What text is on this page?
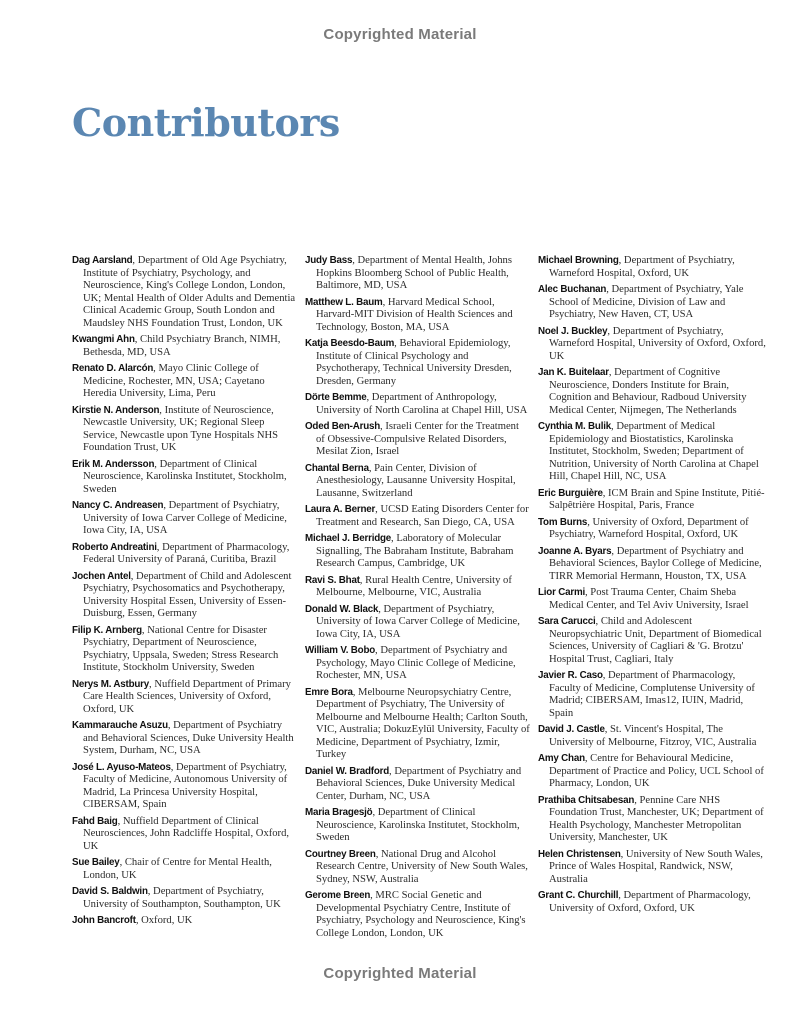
Copyrighted Material
Contributors

Dag Aarsland, Department of Old Age Psychiatry, Institute of Psychiatry, Psychology, and Neuroscience, King's College London, London, UK; Mental Health of Older Adults and Dementia Clinical Academic Group, South London and Maudsley NHS Foundation Trust, London, UK

Kwangmi Ahn, Child Psychiatry Branch, NIMH, Bethesda, MD, USA

Renato D. Alarcón, Mayo Clinic College of Medicine, Rochester, MN, USA; Cayetano Heredia University, Lima, Peru

Kirstie N. Anderson, Institute of Neuroscience, Newcastle University, UK; Regional Sleep Service, Newcastle upon Tyne Hospitals NHS Foundation Trust, UK

Erik M. Andersson, Department of Clinical Neuroscience, Karolinska Institutet, Stockholm, Sweden

Nancy C. Andreasen, Department of Psychiatry, University of Iowa Carver College of Medicine, Iowa City, IA, USA

Roberto Andreatini, Department of Pharmacology, Federal University of Paraná, Curitiba, Brazil

Jochen Antel, Department of Child and Adolescent Psychiatry, Psychosomatics and Psychotherapy, University Hospital Essen, University of Essen-Duisburg, Essen, Germany

Filip K. Arnberg, National Centre for Disaster Psychiatry, Department of Neuroscience, Psychiatry, Uppsala, Sweden; Stress Research Institute, Stockholm University, Sweden

Nerys M. Astbury, Nuffield Department of Primary Care Health Sciences, University of Oxford, Oxford, UK

Kammarauche Asuzu, Department of Psychiatry and Behavioral Sciences, Duke University Health System, Durham, NC, USA

José L. Ayuso-Mateos, Department of Psychiatry, Faculty of Medicine, Autonomous University of Madrid, La Princesa University Hospital, CIBERSAM, Spain

Fahd Baig, Nuffield Department of Clinical Neurosciences, John Radcliffe Hospital, Oxford, UK

Sue Bailey, Chair of Centre for Mental Health, London, UK

David S. Baldwin, Department of Psychiatry, University of Southampton, Southampton, UK

John Bancroft, Oxford, UK

Judy Bass, Department of Mental Health, Johns Hopkins Bloomberg School of Public Health, Baltimore, MD, USA

Matthew L. Baum, Harvard Medical School, Harvard-MIT Division of Health Sciences and Technology, Boston, MA, USA

Katja Beesdo-Baum, Behavioral Epidemiology, Institute of Clinical Psychology and Psychotherapy, Technical University Dresden, Dresden, Germany

Dörte Bemme, Department of Anthropology, University of North Carolina at Chapel Hill, USA

Oded Ben-Arush, Israeli Center for the Treatment of Obsessive-Compulsive Related Disorders, Mesilat Zion, Israel

Chantal Berna, Pain Center, Division of Anesthesiology, Lausanne University Hospital, Lausanne, Switzerland

Laura A. Berner, UCSD Eating Disorders Center for Treatment and Research, San Diego, CA, USA

Michael J. Berridge, Laboratory of Molecular Signalling, The Babraham Institute, Babraham Research Campus, Cambridge, UK

Ravi S. Bhat, Rural Health Centre, University of Melbourne, Melbourne, VIC, Australia

Donald W. Black, Department of Psychiatry, University of Iowa Carver College of Medicine, Iowa City, IA, USA

William V. Bobo, Department of Psychiatry and Psychology, Mayo Clinic College of Medicine, Rochester, MN, USA

Emre Bora, Melbourne Neuropsychiatry Centre, Department of Psychiatry, The University of Melbourne and Melbourne Health; Carlton South, VIC, Australia; DokuzEylül University, Faculty of Medicine, Department of Psychiatry, Izmir, Turkey

Daniel W. Bradford, Department of Psychiatry and Behavioral Sciences, Duke University Medical Center, Durham, NC, USA

Maria Bragesjö, Department of Clinical Neuroscience, Karolinska Institutet, Stockholm, Sweden

Courtney Breen, National Drug and Alcohol Research Centre, University of New South Wales, Sydney, NSW, Australia

Gerome Breen, MRC Social Genetic and Developmental Psychiatry Centre, Institute of Psychiatry, Psychology and Neuroscience, King's College London, London, UK

Michael Browning, Department of Psychiatry, Warneford Hospital, Oxford, UK

Alec Buchanan, Department of Psychiatry, Yale School of Medicine, Division of Law and Psychiatry, New Haven, CT, USA

Noel J. Buckley, Department of Psychiatry, Warneford Hospital, University of Oxford, Oxford, UK

Jan K. Buitelaar, Department of Cognitive Neuroscience, Donders Institute for Brain, Cognition and Behaviour, Radboud University Medical Center, Nijmegen, The Netherlands

Cynthia M. Bulik, Department of Medical Epidemiology and Biostatistics, Karolinska Institutet, Stockholm, Sweden; Department of Nutrition, University of North Carolina at Chapel Hill, Chapel Hill, NC, USA

Eric Burguière, ICM Brain and Spine Institute, Pitié-Salpêtrière Hospital, Paris, France

Tom Burns, University of Oxford, Department of Psychiatry, Warneford Hospital, Oxford, UK

Joanne A. Byars, Department of Psychiatry and Behavioral Sciences, Baylor College of Medicine, TIRR Memorial Hermann, Houston, TX, USA

Lior Carmi, Post Trauma Center, Chaim Sheba Medical Center, and Tel Aviv University, Israel

Sara Carucci, Child and Adolescent Neuropsychiatric Unit, Department of Biomedical Sciences, University of Cagliari & 'G. Brotzu' Hospital Trust, Cagliari, Italy

Javier R. Caso, Department of Pharmacology, Faculty of Medicine, Complutense University of Madrid; CIBERSAM, Imas12, IUIN, Madrid, Spain

David J. Castle, St. Vincent's Hospital, The University of Melbourne, Fitzroy, VIC, Australia

Amy Chan, Centre for Behavioural Medicine, Department of Practice and Policy, UCL School of Pharmacy, London, UK

Prathiba Chitsabesan, Pennine Care NHS Foundation Trust, Manchester, UK; Department of Health Psychology, Manchester Metropolitan University, Manchester, UK

Helen Christensen, University of New South Wales, Prince of Wales Hospital, Randwick, NSW, Australia

Grant C. Churchill, Department of Pharmacology, University of Oxford, Oxford, UK

Copyrighted Material
